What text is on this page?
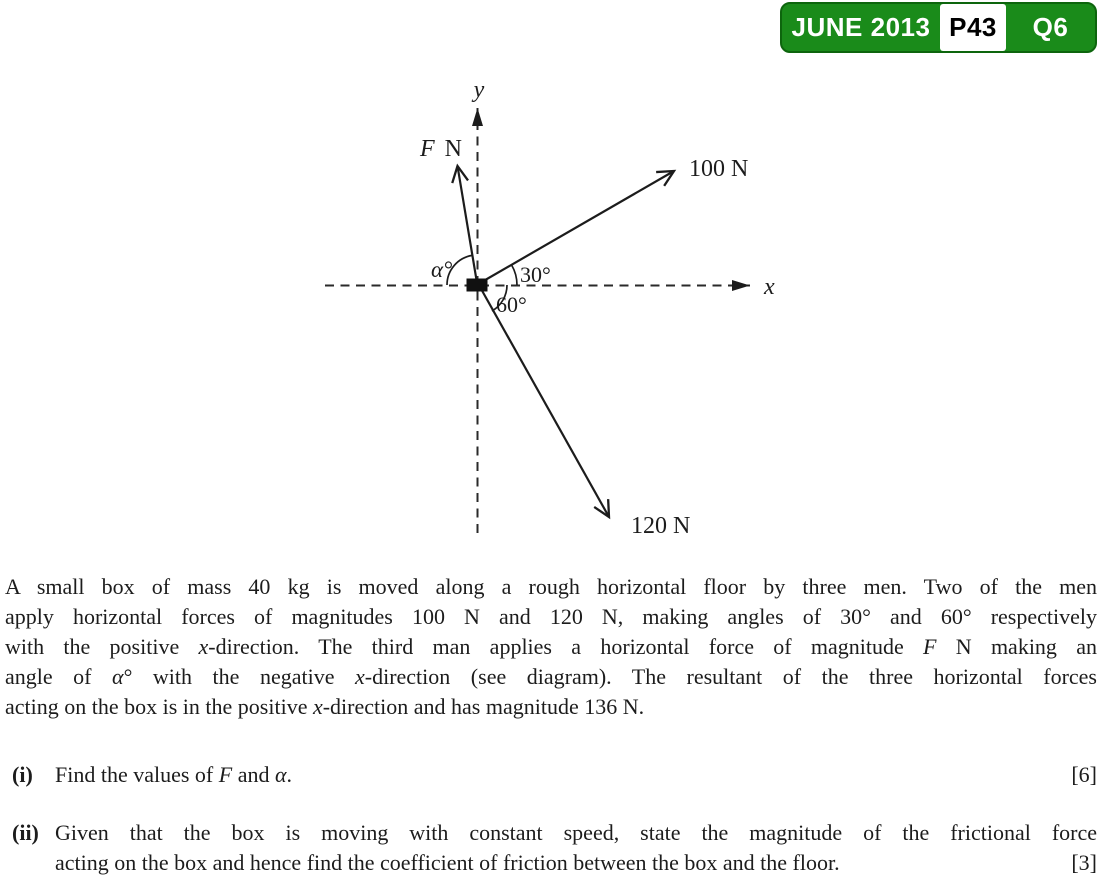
JUNE 2013 P43	Q6
y
x
F N
100 N
120 N
α°	30°
60°
A small box of mass 40 kg is moved along a rough horizontal floor by three men. Two of the men
apply horizontal forces of magnitudes 100 N and 120 N, making angles of 30° and 60° respectively
with the positive x-direction. The third man applies a horizontal force of magnitude F N making an
angle of α° with the negative x-direction (see diagram). The resultant of the three horizontal forces
acting on the box is in the positive x-direction and has magnitude 136 N.
(i) Find the values of F and α.	[6]
(ii) Given that the box is moving with constant speed, state the magnitude of the frictional force
acting on the box and hence find the coefficient of friction between the box and the floor.	[3]
